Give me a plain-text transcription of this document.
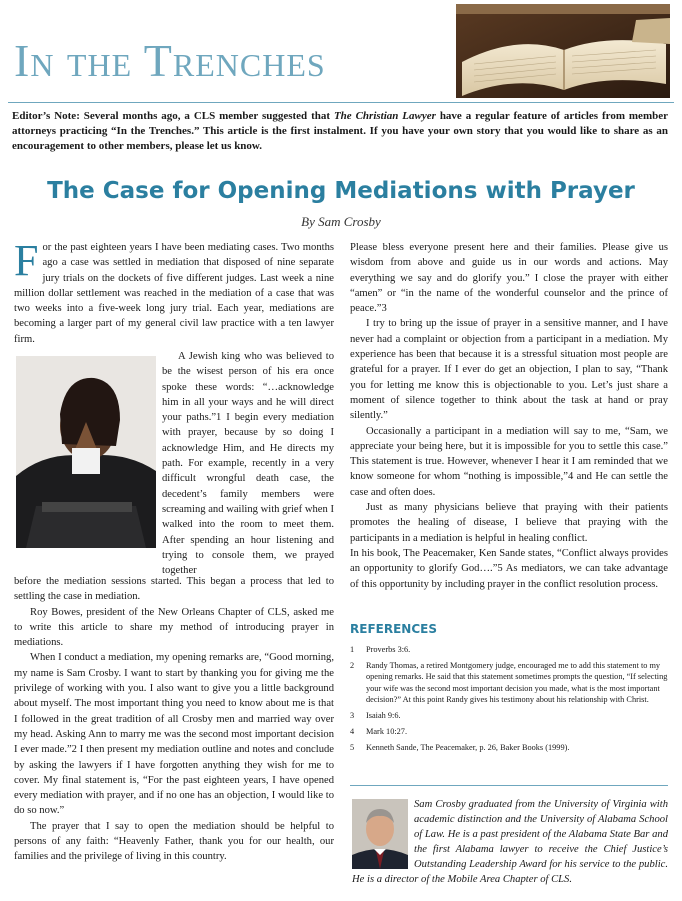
In the Trenches
Editor’s Note: Several months ago, a CLS member suggested that The Christian Lawyer have a regular feature of articles from member attorneys practicing “In the Trenches.” This article is the first instalment. If you have your own story that you would like to share as an encouragement to other members, please let us know.
The Case for Opening Mediations with Prayer
By Sam Crosby

For the past eighteen years I have been mediating cases. Two months ago a case was settled in mediation that disposed of nine separate jury trials on the dockets of five different judges. Last week a nine million dollar settlement was reached in the mediation of a case that was two weeks into a five-week long jury trial. Each year, mediations are becoming a larger part of my general civil law practice with a ten lawyer firm.

A Jewish king who was believed to be the wisest person of his era once spoke these words: “…acknowledge him in all your ways and he will direct your paths.”1 I begin every mediation with prayer, because by so doing I acknowledge Him, and He directs my path. For example, recently in a very difficult wrongful death case, the decedent’s family members were screaming and wailing with grief when I walked into the room to meet them. After spending an hour listening and trying to console them, we prayed together

before the mediation sessions started. This began a process that led to settling the case in mediation.

Roy Bowes, president of the New Orleans Chapter of CLS, asked me to write this article to share my method of introducing prayer in mediations.

When I conduct a mediation, my opening remarks are, “Good morning, my name is Sam Crosby. I want to start by thanking you for giving me the privilege of working with you. I also want to give you a little background about myself. The most important thing you need to know about me is that I followed in the great tradition of all Crosby men and married way over my head. Asking Ann to marry me was the second most important decision I ever made.”2 I then present my mediation outline and notes and conclude by asking the lawyers if I have forgotten anything they wish for me to cover. My final statement is, “For the past eighteen years, I have opened every mediation with prayer, and if no one has an objection, I would like to do so now.”

The prayer that I say to open the mediation should be helpful to persons of any faith: “Heavenly Father, thank you for our health, our families and the privilege of living in this country.

Please bless everyone present here and their families. Please give us wisdom from above and guide us in our words and actions. May everything we say and do glorify you.” I close the prayer with either “amen” or “in the name of the wonderful counselor and the prince of peace.”3

I try to bring up the issue of prayer in a sensitive manner, and I have never had a complaint or objection from a participant in a mediation. My experience has been that because it is a stressful situation most people are grateful for a prayer. If I ever do get an objection, I plan to say, “Thank you for letting me know this is objectionable to you. Let’s just share a moment of silence together to think about the task at hand or pray silently.”

Occasionally a participant in a mediation will say to me, “Sam, we appreciate your being here, but it is impossible for you to settle this case.” This statement is true. However, whenever I hear it I am reminded that we know someone for whom “nothing is impossible,”4 and He can settle the case and often does.

Just as many physicians believe that praying with their patients promotes the healing of disease, I believe that praying with the participants in a mediation is helpful in healing conflict.

In his book, The Peacemaker, Ken Sande states, “Conflict always provides an opportunity to glorify God….”5 As mediators, we can take advantage of this opportunity by including prayer in the conflict resolution process.

REFERENCES
1	Proverbs 3:6.
2	Randy Thomas, a retired Montgomery judge, encouraged me to add this statement to my opening remarks. He said that this statement sometimes prompts the question, “If selecting your wife was the second most important decision you made, what is the most important decision?” At this point Randy gives his testimony about his relationship with Christ.
3	Isaiah 9:6.
4	Mark 10:27.
5	Kenneth Sande, The Peacemaker, p. 26, Baker Books (1999).
Sam Crosby graduated from the University of Virginia with academic distinction and the University of Alabama School of Law. He is a past president of the Alabama State Bar and the first Alabama lawyer to receive the Chief Justice’s Outstanding Leadership Award for his service to the public. He is a director of the Mobile Area Chapter of CLS.
